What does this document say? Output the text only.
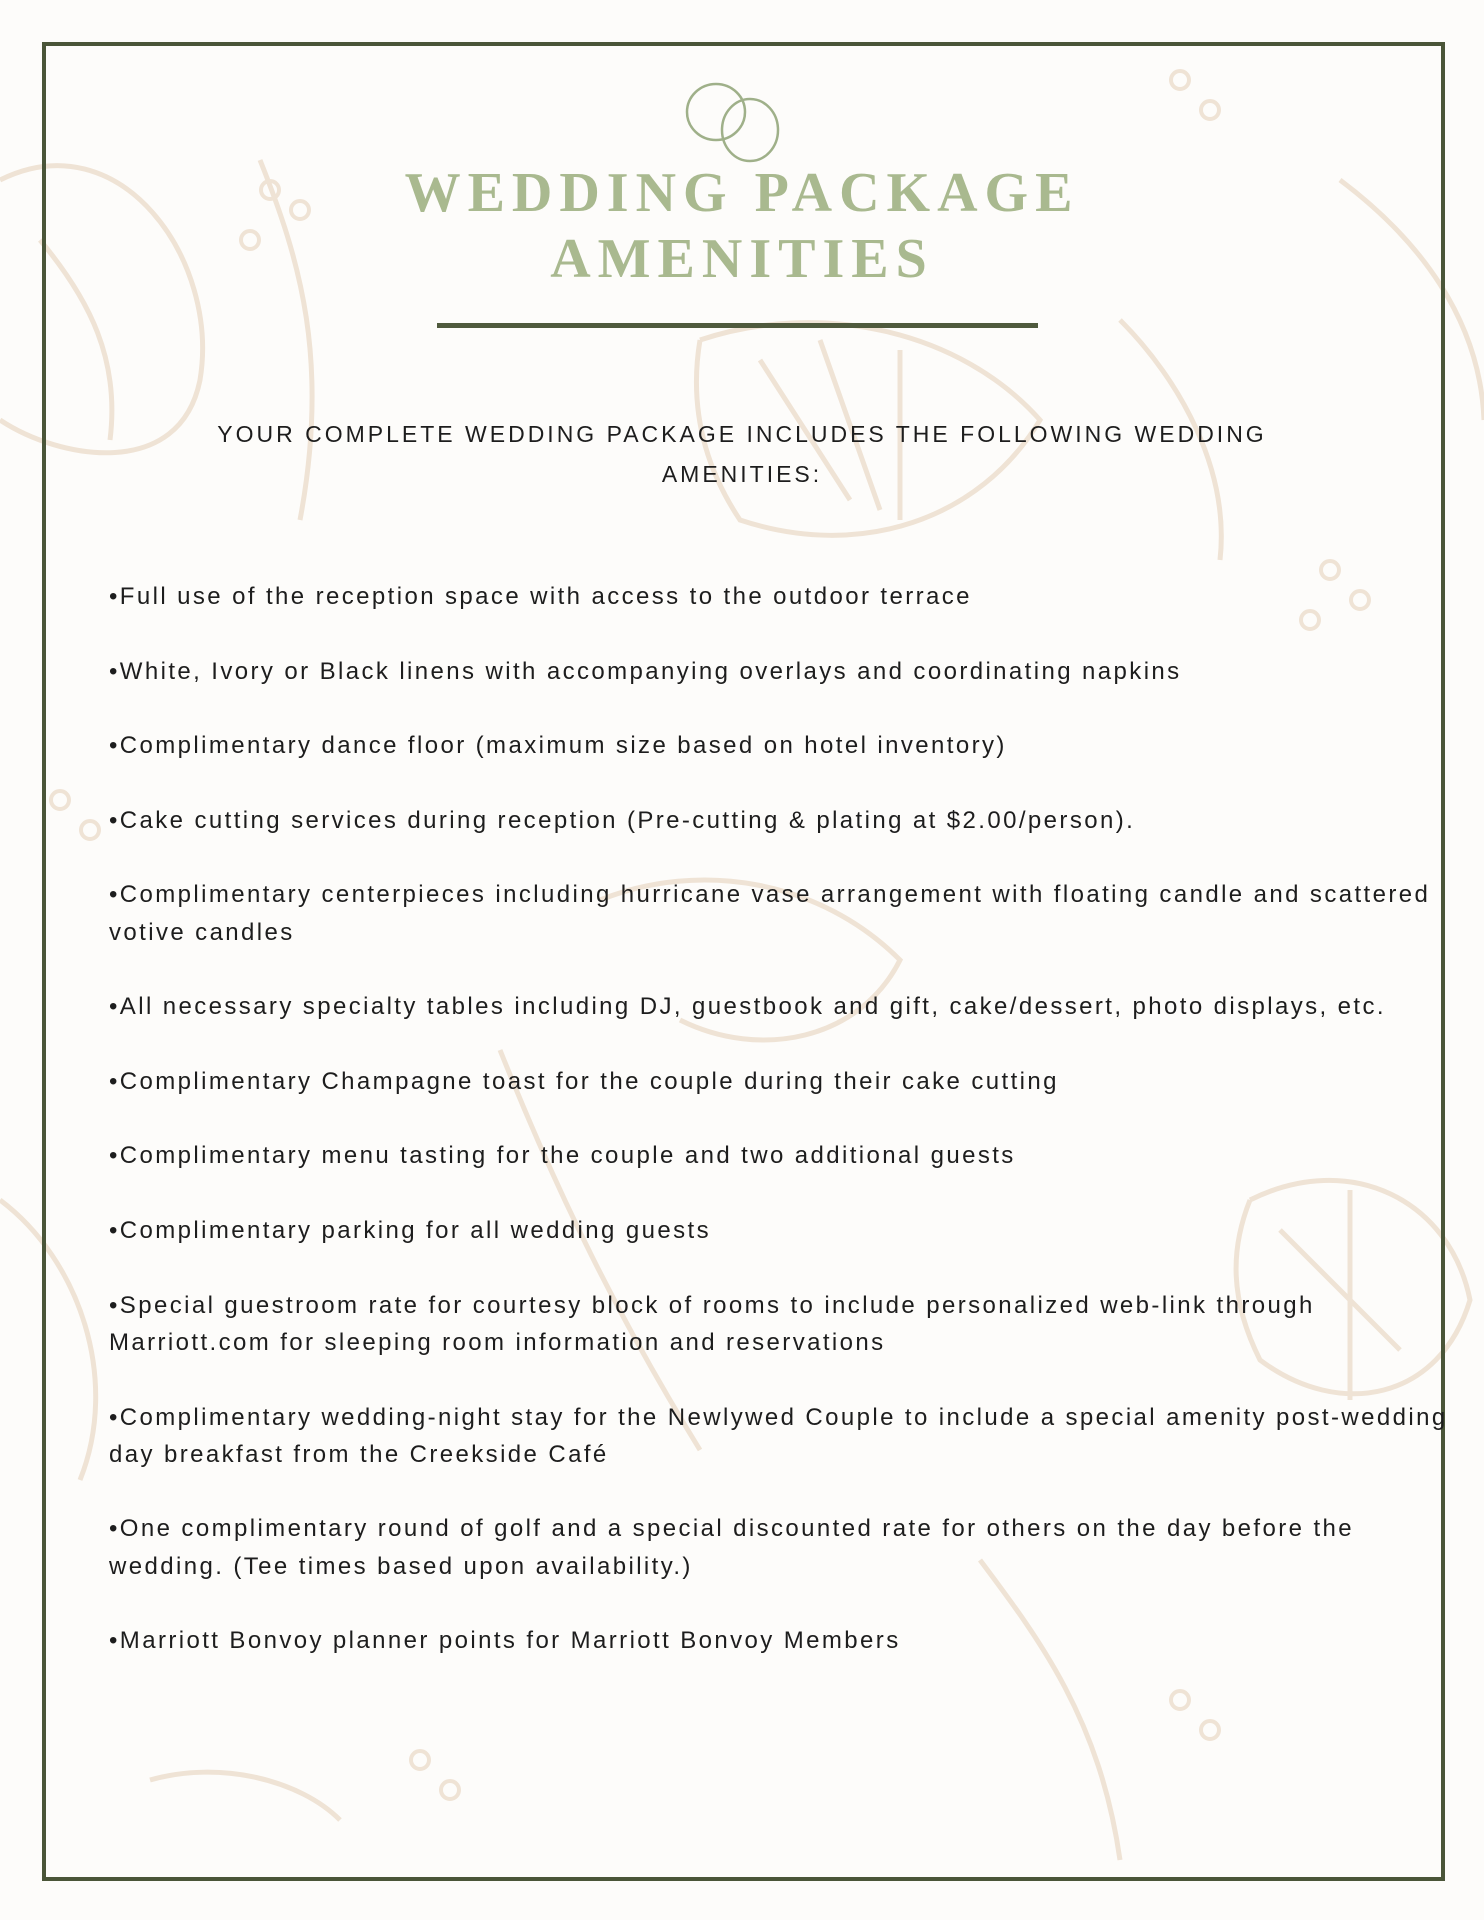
WEDDING PACKAGE
AMENITIES
YOUR COMPLETE WEDDING PACKAGE INCLUDES THE FOLLOWING WEDDING AMENITIES:
•Full use of the reception space with access to the outdoor terrace
•White, Ivory or Black linens with accompanying overlays and coordinating napkins
•Complimentary dance floor (maximum size based on hotel inventory)
•Cake cutting services during reception (Pre-cutting & plating at $2.00/person).
•Complimentary centerpieces including hurricane vase arrangement with floating candle and scattered votive candles
•All necessary specialty tables including DJ, guestbook and gift, cake/dessert, photo displays, etc.
•Complimentary Champagne toast for the couple during their cake cutting
•Complimentary menu tasting for the couple and two additional guests
•Complimentary parking for all wedding guests
•Special guestroom rate for courtesy block of rooms to include personalized web-link through Marriott.com for sleeping room information and reservations
•Complimentary wedding-night stay for the Newlywed Couple to include a special amenity post-wedding day breakfast from the Creekside Café
•One complimentary round of golf and a special discounted rate for others on the day before the wedding. (Tee times based upon availability.)
•Marriott Bonvoy planner points for Marriott Bonvoy Members
